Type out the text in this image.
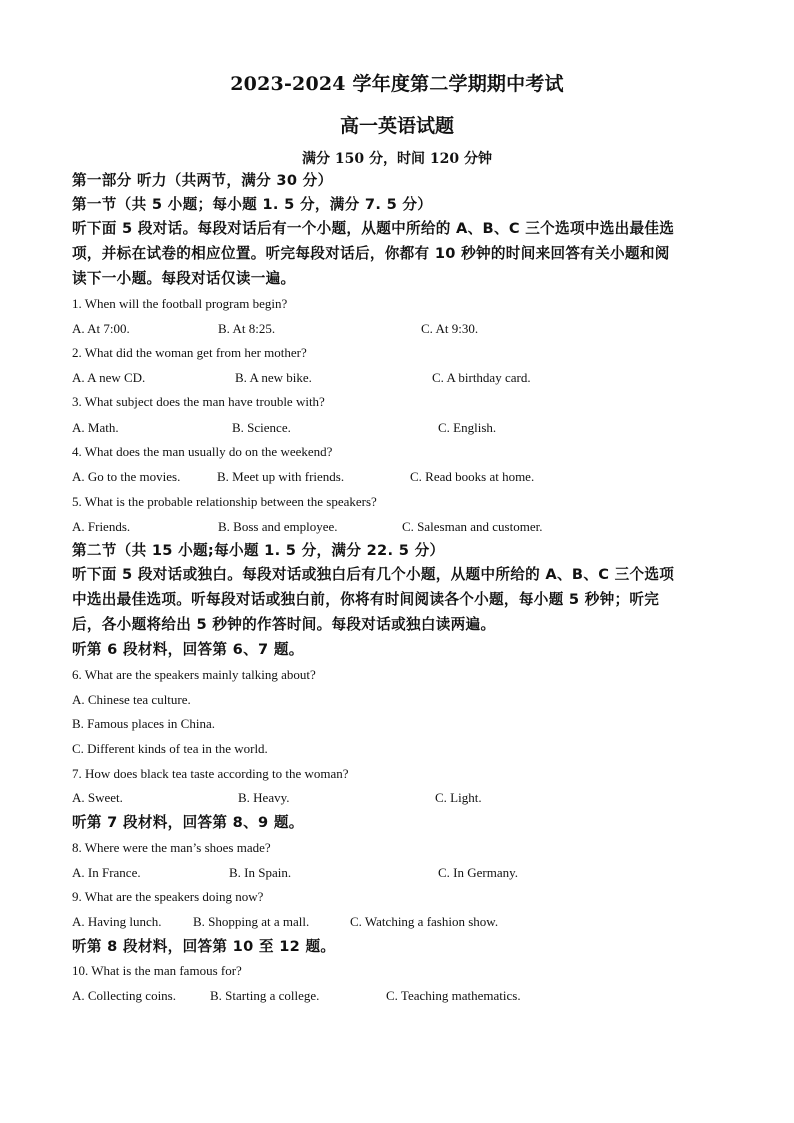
2023-2024 学年度第二学期期中考试
高一英语试题
满分 150 分，时间 120 分钟
第一部分 听力（共两节，满分 30 分）
第一节（共 5 小题；每小题 1. 5 分，满分 7. 5 分）
听下面 5 段对话。每段对话后有一个小题，从题中所给的 A、B、C 三个选项中选出最佳选
项，并标在试卷的相应位置。听完每段对话后，你都有 10 秒钟的时间来回答有关小题和阅
读下一小题。每段对话仅读一遍。
1. When will the football program begin?
A. At 7:00.	B. At 8:25.	C. At 9:30.
2. What did the woman get from her mother?
A. A new CD.	B. A new bike.	C. A birthday card.
3. What subject does the man have trouble with?
A. Math.	B. Science.	C. English.
4. What does the man usually do on the weekend?
A. Go to the movies.	B. Meet up with friends.	C. Read books at home.
5. What is the probable relationship between the speakers?
A. Friends.	B. Boss and employee.	C. Salesman and customer.
第二节（共 15 小题;每小题 1. 5 分，满分 22. 5 分）
听下面 5 段对话或独白。每段对话或独白后有几个小题，从题中所给的 A、B、C 三个选项
中选出最佳选项。听每段对话或独白前，你将有时间阅读各个小题，每小题 5 秒钟；听完
后，各小题将给出 5 秒钟的作答时间。每段对话或独白读两遍。
听第 6 段材料，回答第 6、7 题。
6. What are the speakers mainly talking about?
A. Chinese tea culture.
B. Famous places in China.
C. Different kinds of tea in the world.
7. How does black tea taste according to the woman?
A. Sweet.	B. Heavy.	C. Light.
听第 7 段材料，回答第 8、9 题。
8. Where were the man’s shoes made?
A. In France.	B. In Spain.	C. In Germany.
9. What are the speakers doing now?
A. Having lunch. B. Shopping at a mall.	C. Watching a fashion show.
听第 8 段材料，回答第 10 至 12 题。
10. What is the man famous for?
A. Collecting coins.	B. Starting a college.	C. Teaching mathematics.
